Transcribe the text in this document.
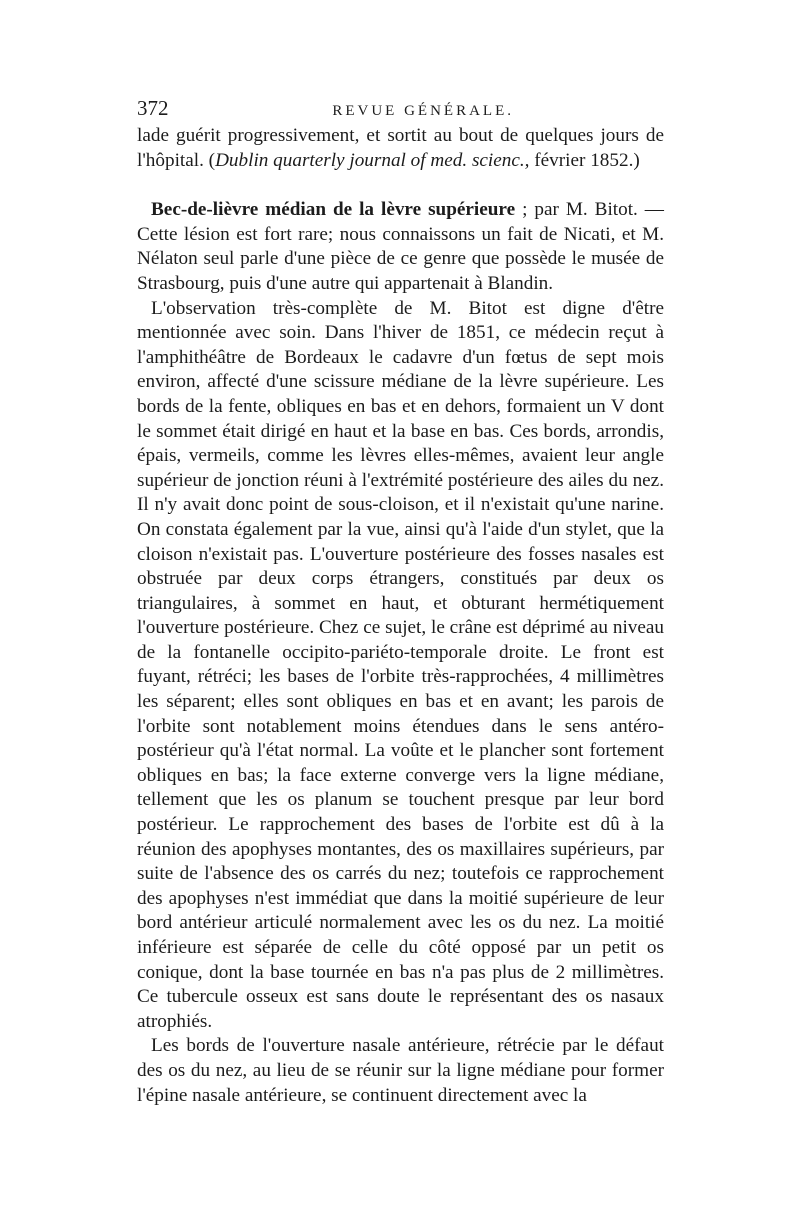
372	REVUE GÉNÉRALE.

lade guérit progressivement, et sortit au bout de quelques jours de l'hôpital. (Dublin quarterly journal of med. scienc., février 1852.)

Bec-de-lièvre médian de la lèvre supérieure ; par M. Bitot. — Cette lésion est fort rare; nous connaissons un fait de Nicati, et M. Nélaton seul parle d'une pièce de ce genre que possède le musée de Strasbourg, puis d'une autre qui appartenait à Blandin.

L'observation très-complète de M. Bitot est digne d'être mentionnée avec soin. Dans l'hiver de 1851, ce médecin reçut à l'amphithéâtre de Bordeaux le cadavre d'un fœtus de sept mois environ, affecté d'une scissure médiane de la lèvre supérieure. Les bords de la fente, obliques en bas et en dehors, formaient un V dont le sommet était dirigé en haut et la base en bas. Ces bords, arrondis, épais, vermeils, comme les lèvres elles-mêmes, avaient leur angle supérieur de jonction réuni à l'extrémité postérieure des ailes du nez. Il n'y avait donc point de sous-cloison, et il n'existait qu'une narine. On constata également par la vue, ainsi qu'à l'aide d'un stylet, que la cloison n'existait pas. L'ouverture postérieure des fosses nasales est obstruée par deux corps étrangers, constitués par deux os triangulaires, à sommet en haut, et obturant hermétiquement l'ouverture postérieure. Chez ce sujet, le crâne est déprimé au niveau de la fontanelle occipito-pariéto-temporale droite. Le front est fuyant, rétréci; les bases de l'orbite très-rapprochées, 4 millimètres les séparent; elles sont obliques en bas et en avant; les parois de l'orbite sont notablement moins étendues dans le sens antéro-postérieur qu'à l'état normal. La voûte et le plancher sont fortement obliques en bas; la face externe converge vers la ligne médiane, tellement que les os planum se touchent presque par leur bord postérieur. Le rapprochement des bases de l'orbite est dû à la réunion des apophyses montantes, des os maxillaires supérieurs, par suite de l'absence des os carrés du nez; toutefois ce rapprochement des apophyses n'est immédiat que dans la moitié supérieure de leur bord antérieur articulé normalement avec les os du nez. La moitié inférieure est séparée de celle du côté opposé par un petit os conique, dont la base tournée en bas n'a pas plus de 2 millimètres. Ce tubercule osseux est sans doute le représentant des os nasaux atrophiés.

Les bords de l'ouverture nasale antérieure, rétrécie par le défaut des os du nez, au lieu de se réunir sur la ligne médiane pour former l'épine nasale antérieure, se continuent directement avec la
